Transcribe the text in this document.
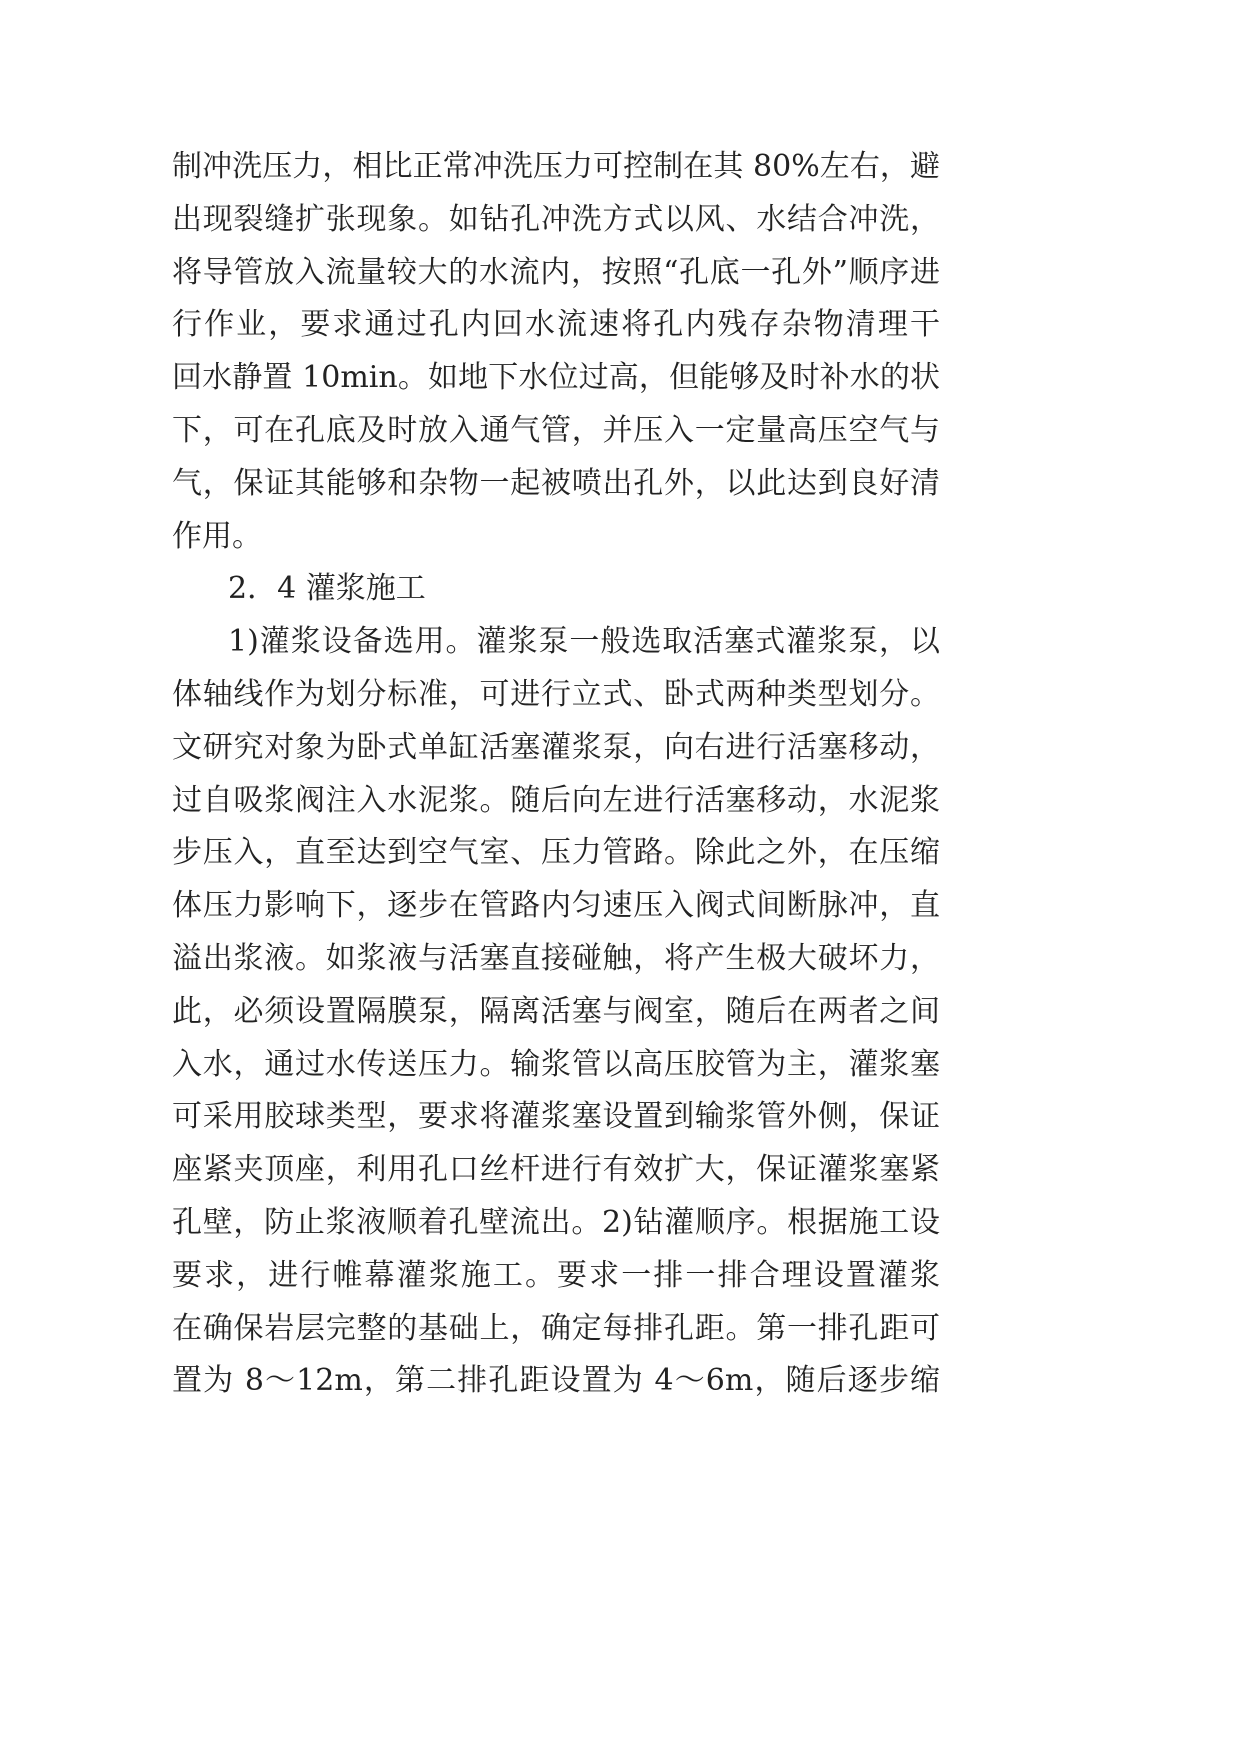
制冲洗压力，相比正常冲洗压力可控制在其 80%左右，避
出现裂缝扩张现象。如钻孔冲洗方式以风、水结合冲洗，
将导管放入流量较大的水流内，按照“孔底一孔外”顺序进
行作业，要求通过孔内回水流速将孔内残存杂物清理干
回水静置 10min。如地下水位过高，但能够及时补水的状
下，可在孔底及时放入通气管，并压入一定量高压空气与
气，保证其能够和杂物一起被喷出孔外，以此达到良好清
作用。
2．4 灌浆施工
1)灌浆设备选用。灌浆泵一般选取活塞式灌浆泵，以
体轴线作为划分标准，可进行立式、卧式两种类型划分。
文研究对象为卧式单缸活塞灌浆泵，向右进行活塞移动，
过自吸浆阀注入水泥浆。随后向左进行活塞移动，水泥浆
步压入，直至达到空气室、压力管路。除此之外，在压缩
体压力影响下，逐步在管路内匀速压入阀式间断脉冲，直
溢出浆液。如浆液与活塞直接碰触，将产生极大破坏力，
此，必须设置隔膜泵，隔离活塞与阀室，随后在两者之间
入水，通过水传送压力。输浆管以高压胶管为主，灌浆塞
可采用胶球类型，要求将灌浆塞设置到输浆管外侧，保证
座紧夹顶座，利用孔口丝杆进行有效扩大，保证灌浆塞紧
孔壁，防止浆液顺着孔壁流出。2)钻灌顺序。根据施工设
要求，进行帷幕灌浆施工。要求一排一排合理设置灌浆
在确保岩层完整的基础上，确定每排孔距。第一排孔距可
置为 8～12m，第二排孔距设置为 4～6m，随后逐步缩
